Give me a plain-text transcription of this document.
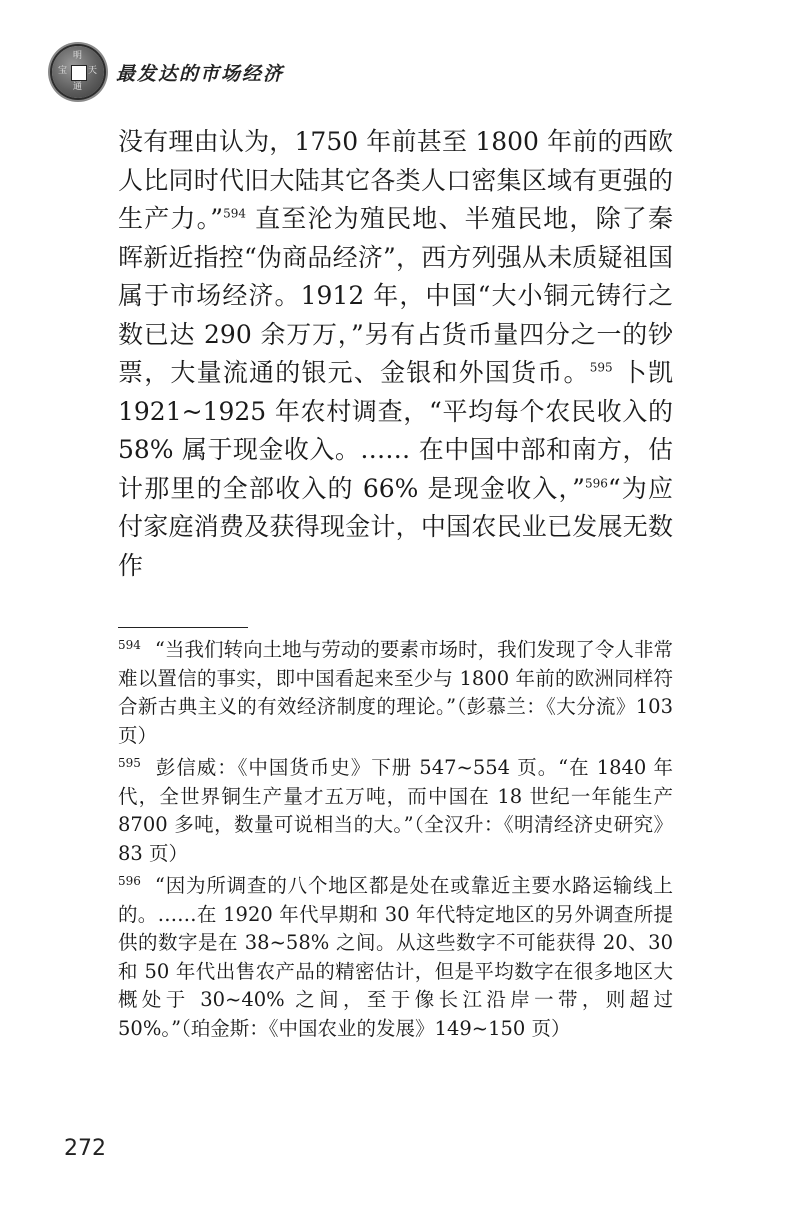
明
天
通
宝	最发达的市场经济

没有理由认为，1750 年前甚至 1800 年前的西欧人比同时代旧大陆其它各类人口密集区域有更强的生产力。”$^{594}$ 直至沦为殖民地、半殖民地，除了秦晖新近指控“伪商品经济”，西方列强从未质疑祖国属于市场经济。1912 年，中国“大小铜元铸行之数已达 290 余万万，”另有占货币量四分之一的钞票，大量流通的银元、金银和外国货币。$^{595}$ 卜凯 1921~1925 年农村调查，“平均每个农民收入的 58% 属于现金收入。…… 在中国中部和南方，估计那里的全部收入的 66% 是现金收入，”$^{596}$“为应付家庭消费及获得现金计，中国农民业已发展无数作

$^{594}$ “当我们转向土地与劳动的要素市场时，我们发现了令人非常难以置信的事实，即中国看起来至少与 1800 年前的欧洲同样符合新古典主义的有效经济制度的理论。”（彭慕兰：《大分流》103 页）

$^{595}$ 彭信威：《中国货币史》下册 547~554 页。“在 1840 年代，全世界铜生产量才五万吨，而中国在 18 世纪一年能生产 8700 多吨，数量可说相当的大。”（全汉升：《明清经济史研究》83 页）

$^{596}$ “因为所调查的八个地区都是处在或靠近主要水路运输线上的。……在 1920 年代早期和 30 年代特定地区的另外调查所提供的数字是在 38~58% 之间。从这些数字不可能获得 20、30 和 50 年代出售农产品的精密估计，但是平均数字在很多地区大概处于 30~40% 之间，至于像长江沿岸一带，则超过 50%。”（珀金斯：《中国农业的发展》149~150 页）

272
